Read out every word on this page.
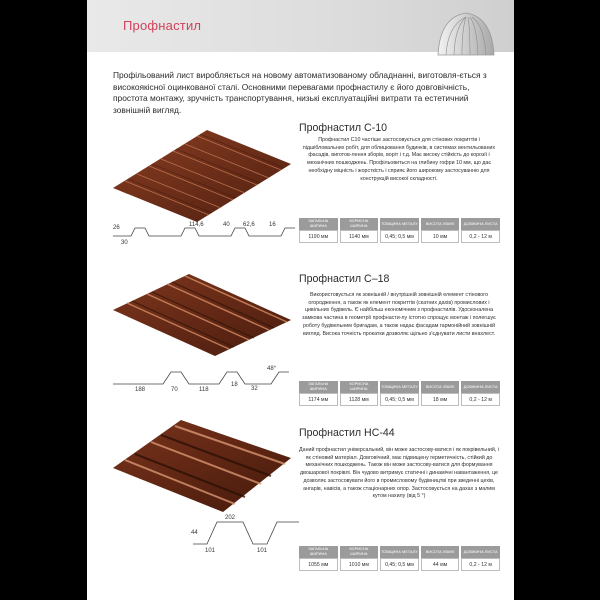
Профнастил

Профільований лист виробляється на новому автоматизованому обладнанні, виготовля-ється з високоякісної оцинкованої сталі. Основними перевагами профнастилу є його довговічність, простота монтажу, зручність транспортування, низькі експлуатаційні витрати та естетичний зовнішній вигляд.

26
30
114,6	40 62,6 16

Профнастил С-10

Профнастил С10 частіше застосовується для стінових покриттів і підшібловальних робіт, для облицювання будинків, в системах вентильованих фасадів, виготов-лення зборів, воріт і т.д. Має високу стійкість до корозії і механічних пошкоджень. Профільовиться на глибину гофри 10 мм, що дає необхідну міцність і жорсткість і сприяє його широкому застосуванню для конструкцій високої складності.

ЗАГАЛЬНА ШИРИНА	КОРИСНА ШИРИНА	ТОВЩИНА МЕТАЛУ	ВИСОТА ХВИЛІ	ДОВЖИНА ЛИСТА
1190 мм	1140 мм	0,45; 0,5 мм	10 мм	0,2 - 12 м
188	70	118
18
32
48°

Профнастил С–18

Використовується як зовнішній / внутрішній зовнішній елемент стінового огородження, а також як елемент покриттів (скатних дахів) промислових і цивільних будівель. Є найбільш економічним з профнастилів. Удосконалена замкова частина в геометрії профнасти-лу істотно спрощує монтаж і полегшує роботу будівельним бригадам, а також надає фасадам гармонійний зовнішній вигляд. Висока точність прокатки дозволяє щільно з'єднувати листи внахлест.

ЗАГАЛЬНА ШИРИНА	КОРИСНА ШИРИНА	ТОВЩИНА МЕТАЛУ	ВИСОТА ХВИЛІ	ДОВЖИНА ЛИСТА
1174 мм	1128 мм	0,45; 0,5 мм	18 мм	0,2 - 12 м
202
101	101
44

Профнастил НС-44

Даний профнастил універсальний, він може застосову-ватися і як покрівельний, і як стіновий матеріал. Довговічний, має підвищену герметичність, стійкий до механічних пошкоджень. Також він може застосову-ватися для формування двошарової покрівлі. Він чудово витримує статичні і динамічні навантаження, це дозволяє застосовувати його в промисловому будівництві при зведенні цехів, ангарів, навісів, а також стаціонарних опор. Застосовується на дахах з малим кутом нахилу (від 5 °)

ЗАГАЛЬНА ШИРИНА	КОРИСНА ШИРИНА	ТОВЩИНА МЕТАЛУ	ВИСОТА ХВИЛІ	ДОВЖИНА ЛИСТА
1055 мм	1010 мм	0,45; 0,5 мм	44 мм	0,2 - 12 м
